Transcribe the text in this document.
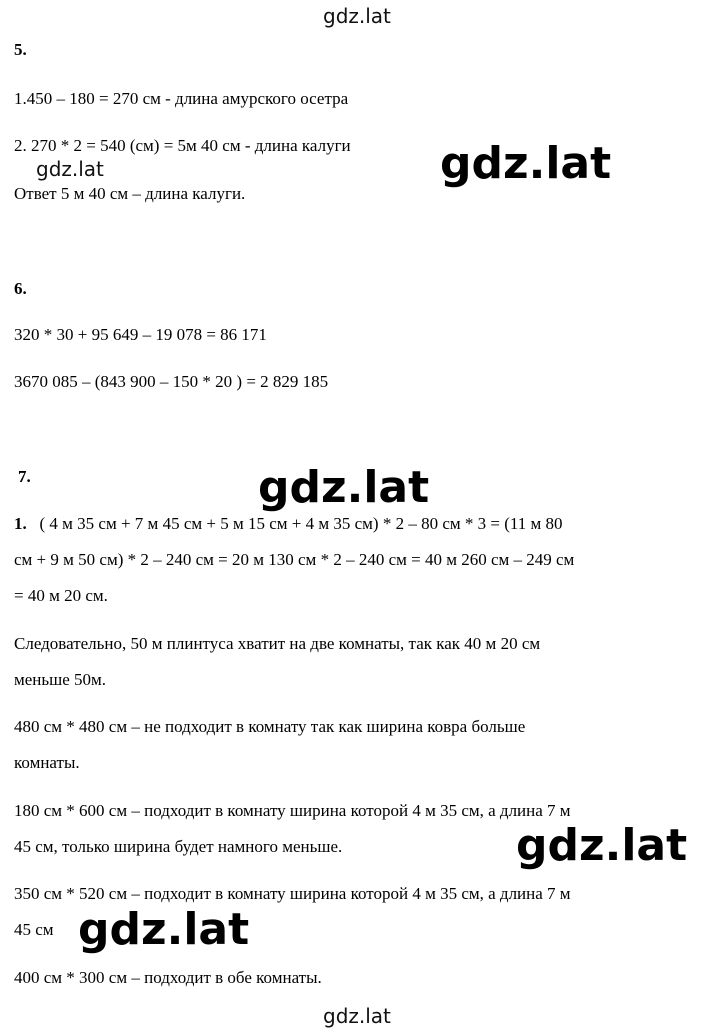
gdz.lat
gdz.lat	gdz.lat
gdz.lat
gdz.lat
gdz.lat
gdz.lat
5.
1.450 – 180 = 270 см - длина амурского осетра
2. 270 * 2 = 540 (см) = 5м 40 см - длина калуги
Ответ 5 м 40 см – длина калуги.
6.
320 * 30 + 95 649 – 19 078 = 86 171
3670 085 – (843 900 – 150 * 20 ) = 2 829 185
7.
1. ( 4 м 35 см + 7 м 45 см + 5 м 15 см + 4 м 35 см) * 2 – 80 см * 3 = (11 м 80
см + 9 м 50 см) * 2 – 240 см = 20 м 130 см * 2 – 240 см = 40 м 260 см – 249 см
= 40 м 20 см.
Следовательно, 50 м плинтуса хватит на две комнаты, так как 40 м 20 см
меньше 50м.
480 см * 480 см – не подходит в комнату так как ширина ковра больше
комнаты.
180 см * 600 см – подходит в комнату ширина которой 4 м 35 см, а длина 7 м
45 см, только ширина будет намного меньше.
350 см * 520 см – подходит в комнату ширина которой 4 м 35 см, а длина 7 м
45 см
400 см * 300 см – подходит в обе комнаты.
